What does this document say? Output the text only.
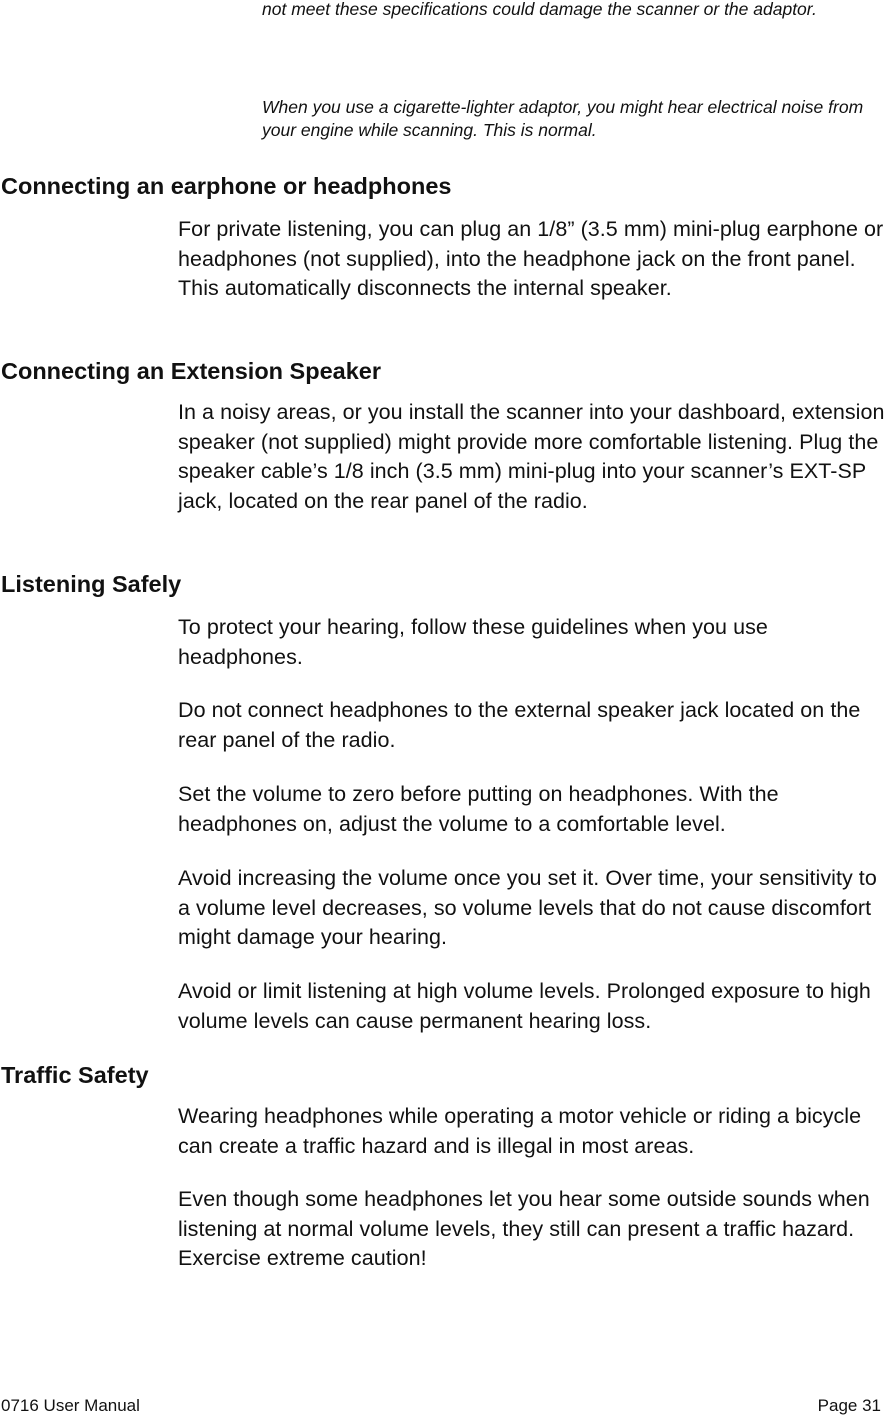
not meet these specifications could damage the scanner or the adaptor.
When you use a cigarette-lighter adaptor, you might hear electrical noise from your engine while scanning. This is normal.
Connecting an earphone or headphones
For private listening, you can plug an 1/8” (3.5 mm) mini-plug earphone or headphones (not supplied), into the headphone jack on the front panel. This automatically disconnects the internal speaker.
Connecting an Extension Speaker
In a noisy areas, or you install the scanner into your dashboard, extension speaker (not supplied) might provide more comfortable listening. Plug the speaker cable’s 1/8 inch (3.5 mm) mini-plug into your scanner’s EXT-SP jack, located on the rear panel of the radio.
Listening Safely
To protect your hearing, follow these guidelines when you use headphones.
Do not connect headphones to the external speaker jack located on the rear panel of the radio.
Set the volume to zero before putting on headphones. With the headphones on, adjust the volume to a comfortable level.
Avoid increasing the volume once you set it. Over time, your sensitivity to a volume level decreases, so volume levels that do not cause discomfort might damage your hearing.
Avoid or limit listening at high volume levels. Prolonged exposure to high volume levels can cause permanent hearing loss.
Traffic Safety
Wearing headphones while operating a motor vehicle or riding a bicycle can create a traffic hazard and is illegal in most areas.
Even though some headphones let you hear some outside sounds when listening at normal volume levels, they still can present a traffic hazard. Exercise extreme caution!
0716 User Manual	Page 31
